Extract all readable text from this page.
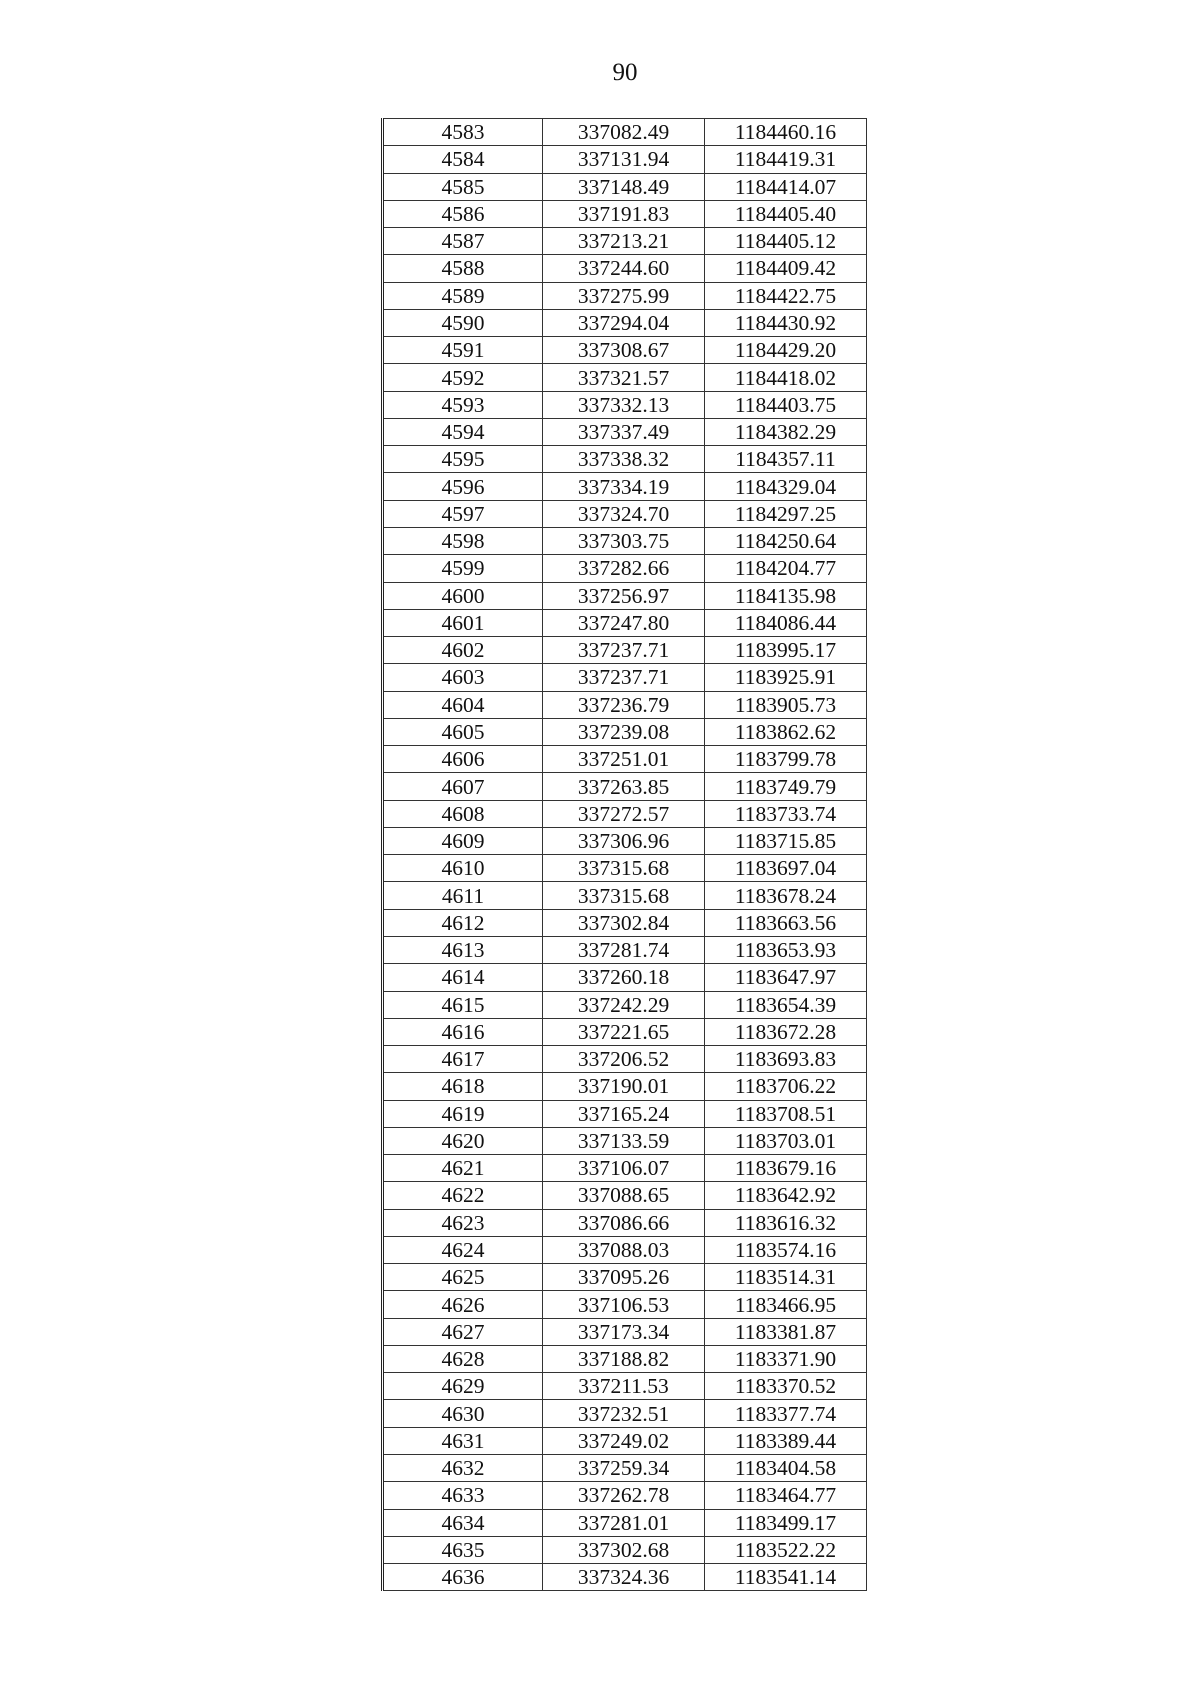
90
4583	337082.49	1184460.16
4584	337131.94	1184419.31
4585	337148.49	1184414.07
4586	337191.83	1184405.40
4587	337213.21	1184405.12
4588	337244.60	1184409.42
4589	337275.99	1184422.75
4590	337294.04	1184430.92
4591	337308.67	1184429.20
4592	337321.57	1184418.02
4593	337332.13	1184403.75
4594	337337.49	1184382.29
4595	337338.32	1184357.11
4596	337334.19	1184329.04
4597	337324.70	1184297.25
4598	337303.75	1184250.64
4599	337282.66	1184204.77
4600	337256.97	1184135.98
4601	337247.80	1184086.44
4602	337237.71	1183995.17
4603	337237.71	1183925.91
4604	337236.79	1183905.73
4605	337239.08	1183862.62
4606	337251.01	1183799.78
4607	337263.85	1183749.79
4608	337272.57	1183733.74
4609	337306.96	1183715.85
4610	337315.68	1183697.04
4611	337315.68	1183678.24
4612	337302.84	1183663.56
4613	337281.74	1183653.93
4614	337260.18	1183647.97
4615	337242.29	1183654.39
4616	337221.65	1183672.28
4617	337206.52	1183693.83
4618	337190.01	1183706.22
4619	337165.24	1183708.51
4620	337133.59	1183703.01
4621	337106.07	1183679.16
4622	337088.65	1183642.92
4623	337086.66	1183616.32
4624	337088.03	1183574.16
4625	337095.26	1183514.31
4626	337106.53	1183466.95
4627	337173.34	1183381.87
4628	337188.82	1183371.90
4629	337211.53	1183370.52
4630	337232.51	1183377.74
4631	337249.02	1183389.44
4632	337259.34	1183404.58
4633	337262.78	1183464.77
4634	337281.01	1183499.17
4635	337302.68	1183522.22
4636	337324.36	1183541.14
